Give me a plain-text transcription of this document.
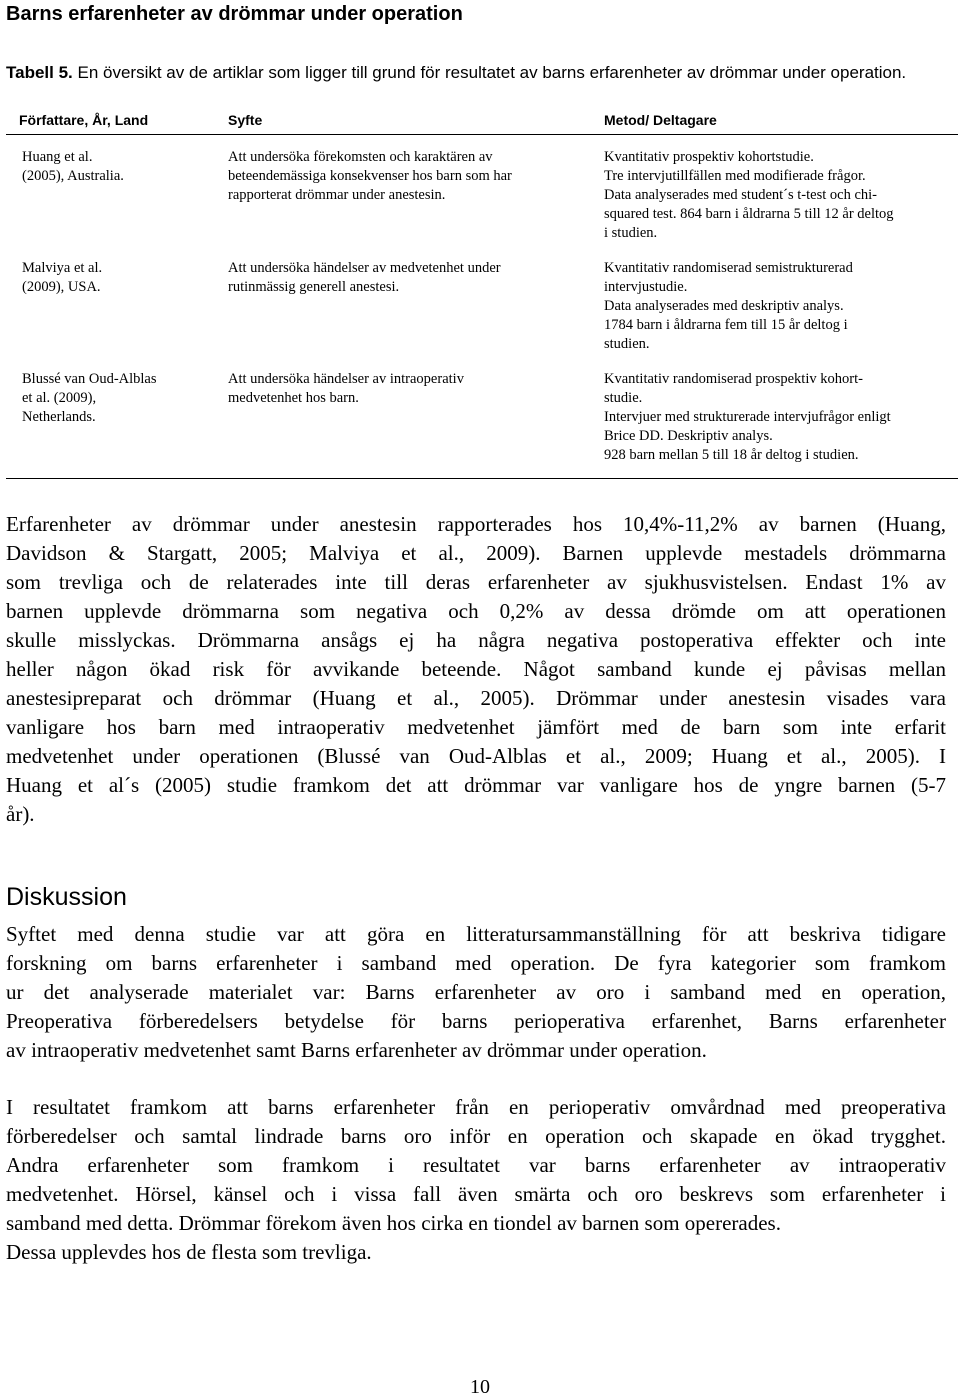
Barns erfarenheter av drömmar under operation

Tabell 5. En översikt av de artiklar som ligger till grund för resultatet av barns erfarenheter av drömmar under operation.

Författare, År, Land	Syfte	Metod/ Deltagare
Huang et al.
(2005), Australia.
Att undersöka förekomsten och karaktären av
beteendemässiga konsekvenser hos barn som har
rapporterat drömmar under anestesin.
Kvantitativ prospektiv kohortstudie.
Tre intervjutillfällen med modifierade frågor.
Data analyserades med student´s t-test och chi-
squared test. 864 barn i åldrarna 5 till 12 år deltog
i studien.
Malviya et al.
(2009), USA.
Att undersöka händelser av medvetenhet under
rutinmässig generell anestesi.
Kvantitativ randomiserad semistrukturerad
intervjustudie.
Data analyserades med deskriptiv analys.
1784 barn i åldrarna fem till 15 år deltog i
studien.
Blussé van Oud-Alblas
et al. (2009),
Netherlands.
Att undersöka händelser av intraoperativ
medvetenhet hos barn.
Kvantitativ randomiserad prospektiv kohort-
studie.
Intervjuer med strukturerade intervjufrågor enligt
Brice DD. Deskriptiv analys.
928 barn mellan 5 till 18 år deltog i studien.
Erfarenheter av drömmar under anestesin rapporterades hos 10,4%-11,2% av barnen (Huang,
Davidson & Stargatt, 2005; Malviya et al., 2009). Barnen upplevde mestadels drömmarna
som trevliga och de relaterades inte till deras erfarenheter av sjukhusvistelsen. Endast 1% av
barnen upplevde drömmarna som negativa och 0,2% av dessa drömde om att operationen
skulle misslyckas. Drömmarna ansågs ej ha några negativa postoperativa effekter och inte
heller någon ökad risk för avvikande beteende. Något samband kunde ej påvisas mellan
anestesipreparat och drömmar (Huang et al., 2005). Drömmar under anestesin visades vara
vanligare hos barn med intraoperativ medvetenhet jämfört med de barn som inte erfarit
medvetenhet under operationen (Blussé van Oud-Alblas et al., 2009; Huang et al., 2005). I
Huang et al´s (2005) studie framkom det att drömmar var vanligare hos de yngre barnen (5-7
år).
Diskussion
Syftet med denna studie var att göra en litteratursammanställning för att beskriva tidigare
forskning om barns erfarenheter i samband med operation. De fyra kategorier som framkom
ur det analyserade materialet var: Barns erfarenheter av oro i samband med en operation,
Preoperativa förberedelsers betydelse för barns perioperativa erfarenhet, Barns erfarenheter
av intraoperativ medvetenhet samt Barns erfarenheter av drömmar under operation.
I resultatet framkom att barns erfarenheter från en perioperativ omvårdnad med preoperativa
förberedelser och samtal lindrade barns oro inför en operation och skapade en ökad trygghet.
Andra erfarenheter som framkom i resultatet var barns erfarenheter av intraoperativ
medvetenhet. Hörsel, känsel och i vissa fall även smärta och oro beskrevs som erfarenheter i
samband med detta. Drömmar förekom även hos cirka en tiondel av barnen som opererades.
Dessa upplevdes hos de flesta som trevliga.

10
